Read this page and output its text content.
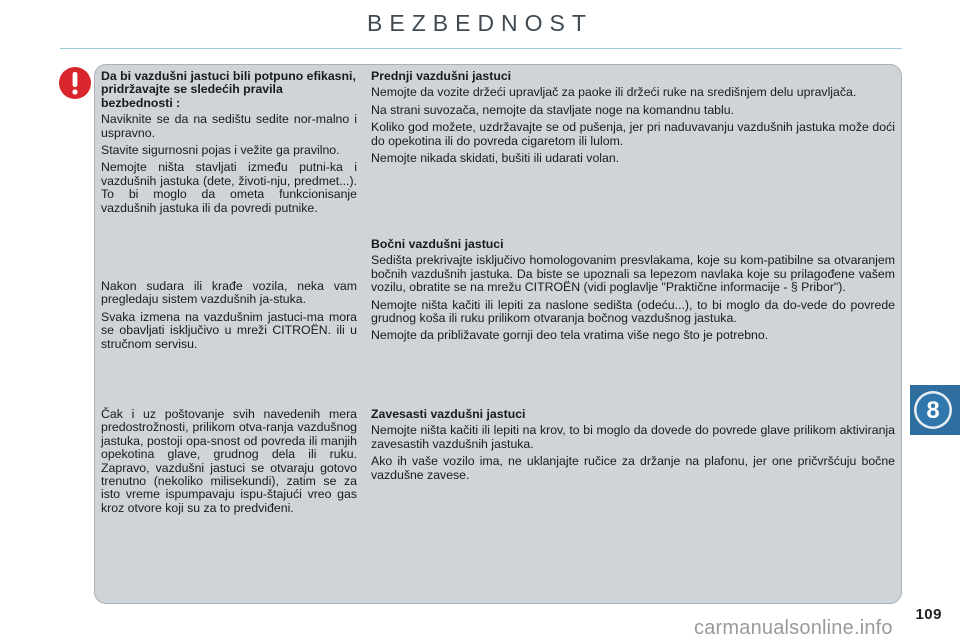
BEZBEDNOST
Da bi vazdušni jastuci bili potpuno efikasni, pridržavajte se sledećih pravila bezbednosti :

Naviknite se da na sedištu sedite nor-malno i uspravno.

Stavite sigurnosni pojas i vežite ga pravilno.

Nemojte ništa stavljati između putni-ka i vazdušnih jastuka (dete, životi-nju, predmet...). To bi moglo da ometa funkcionisanje vazdušnih jastuka ili da povredi putnike.

Nakon sudara ili krađe vozila, neka vam pregledaju sistem vazdušnih ja-stuka.

Svaka izmena na vazdušnim jastuci-ma mora se obavljati isključivo u mreži CITROËN. ili u stručnom servisu.

Čak i uz poštovanje svih navedenih mera predostrožnosti, prilikom otva-ranja vazdušnog jastuka, postoji opa-snost od povreda ili manjih opekotina glave, grudnog dela ili ruku. Zapravo, vazdušni jastuci se otvaraju gotovo trenutno (nekoliko milisekundi), zatim se za isto vreme ispumpavaju ispu-štajući vreo gas kroz otvore koji su za to predviđeni.

Prednji vazdušni jastuci

Nemojte da vozite držeći upravljač za paoke ili držeći ruke na središnjem delu upravljača.

Na strani suvozača, nemojte da stavljate noge na komandnu tablu.

Koliko god možete, uzdržavajte se od pušenja, jer pri naduvavanju vazdušnih jastuka može doći do opekotina ili do povreda cigaretom ili lulom.

Nemojte nikada skidati, bušiti ili udarati volan.

Bočni vazdušni jastuci

Sedišta prekrivajte isključivo homologovanim presvlakama, koje su kom-patibilne sa otvaranjem bočnih vazdušnih jastuka. Da biste se upoznali sa lepezom navlaka koje su prilagođene vašem vozilu, obratite se na mrežu CITROËN (vidi poglavlje "Praktične informacije - § Pribor").

Nemojte ništa kačiti ili lepiti za naslone sedišta (odeću...), to bi moglo da do-vede do povrede grudnog koša ili ruku prilikom otvaranja bočnog vazdušnog jastuka.

Nemojte da približavate gornji deo tela vratima više nego što je potrebno.

Zavesasti vazdušni jastuci

Nemojte ništa kačiti ili lepiti na krov, to bi moglo da dovede do povrede glave prilikom aktiviranja zavesastih vazdušnih jastuka.

Ako ih vaše vozilo ima, ne uklanjajte ručice za držanje na plafonu, jer one pričvršćuju bočne vazdušne zavese.

8
109
carmanualsonline.info
